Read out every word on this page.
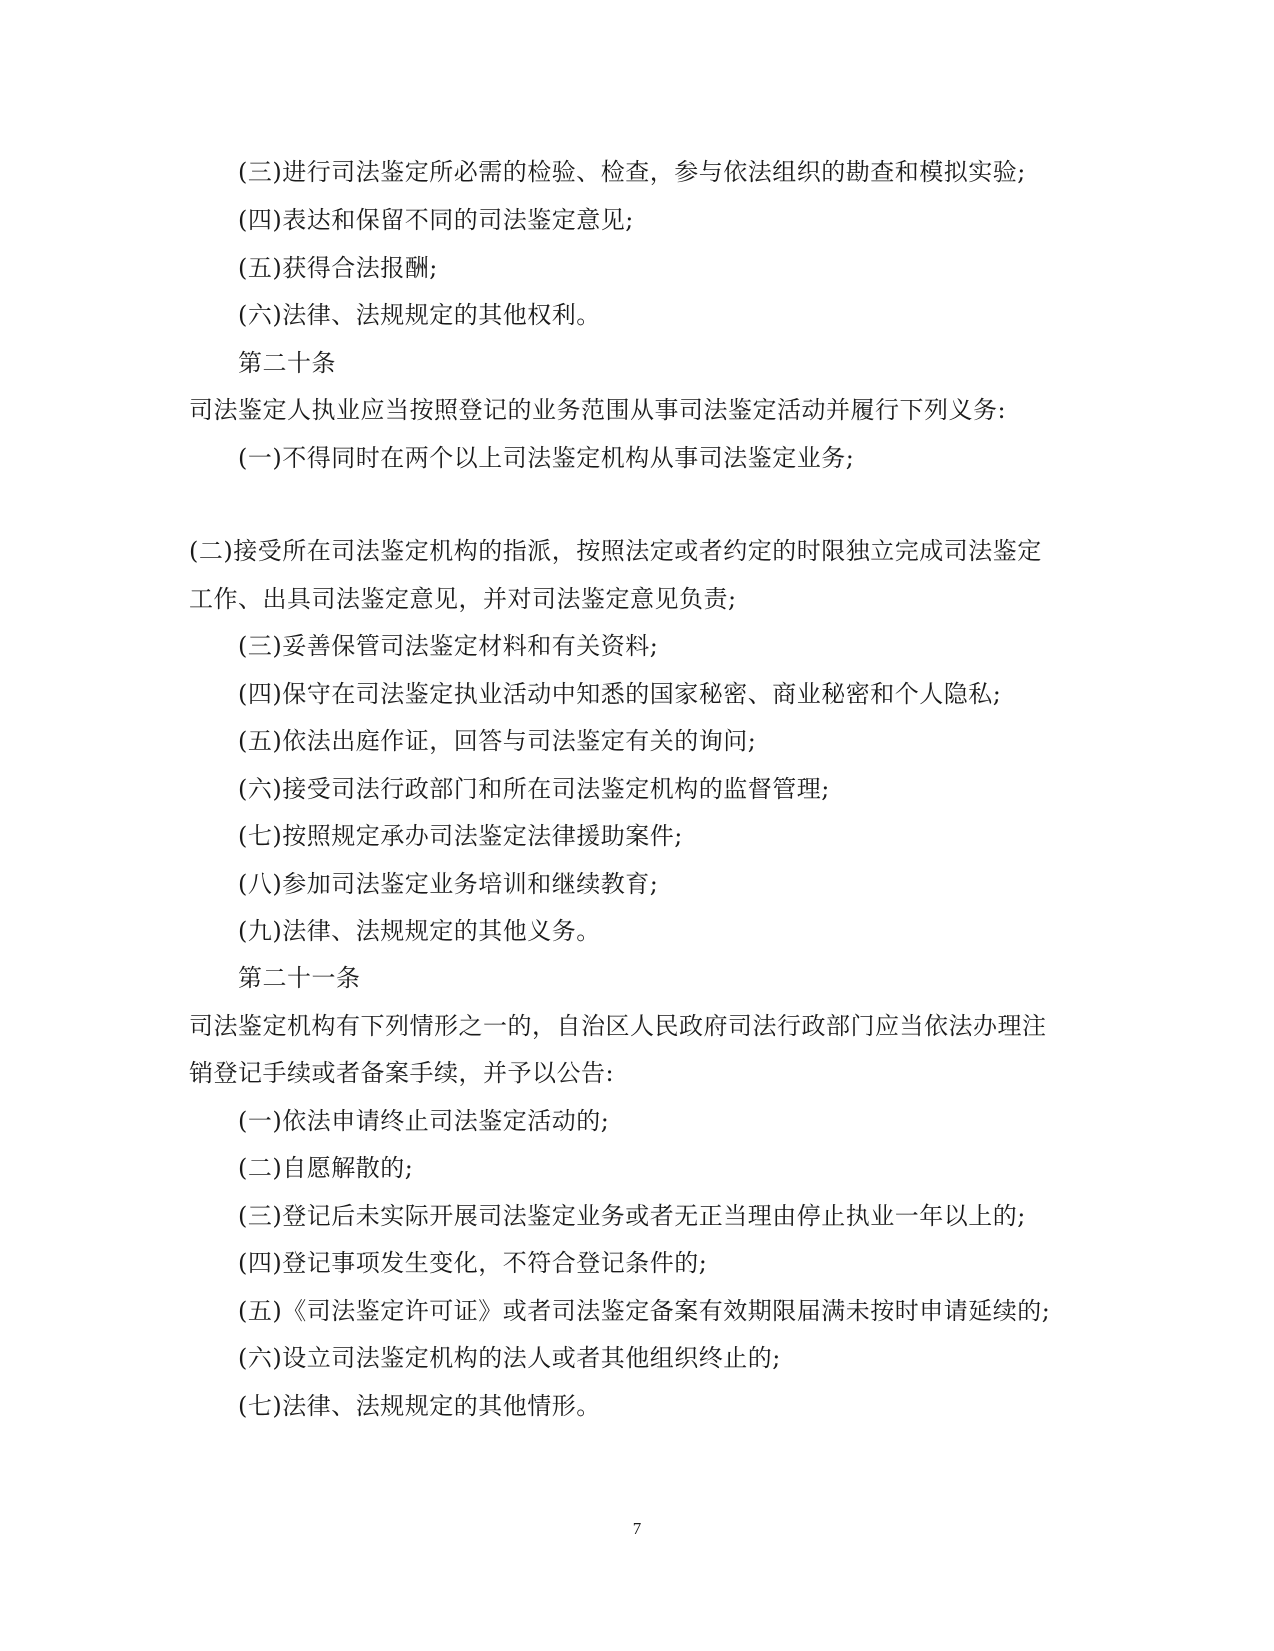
(三)进行司法鉴定所必需的检验、检查，参与依法组织的勘查和模拟实验;
(四)表达和保留不同的司法鉴定意见;
(五)获得合法报酬;
(六)法律、法规规定的其他权利。
第二十条
司法鉴定人执业应当按照登记的业务范围从事司法鉴定活动并履行下列义务:
(一)不得同时在两个以上司法鉴定机构从事司法鉴定业务;
(二)接受所在司法鉴定机构的指派，按照法定或者约定的时限独立完成司法鉴定
工作、出具司法鉴定意见，并对司法鉴定意见负责;
(三)妥善保管司法鉴定材料和有关资料;
(四)保守在司法鉴定执业活动中知悉的国家秘密、商业秘密和个人隐私;
(五)依法出庭作证，回答与司法鉴定有关的询问;
(六)接受司法行政部门和所在司法鉴定机构的监督管理;
(七)按照规定承办司法鉴定法律援助案件;
(八)参加司法鉴定业务培训和继续教育;
(九)法律、法规规定的其他义务。
第二十一条
司法鉴定机构有下列情形之一的，自治区人民政府司法行政部门应当依法办理注
销登记手续或者备案手续，并予以公告:
(一)依法申请终止司法鉴定活动的;
(二)自愿解散的;
(三)登记后未实际开展司法鉴定业务或者无正当理由停止执业一年以上的;
(四)登记事项发生变化，不符合登记条件的;
(五)《司法鉴定许可证》或者司法鉴定备案有效期限届满未按时申请延续的;
(六)设立司法鉴定机构的法人或者其他组织终止的;
(七)法律、法规规定的其他情形。
7
